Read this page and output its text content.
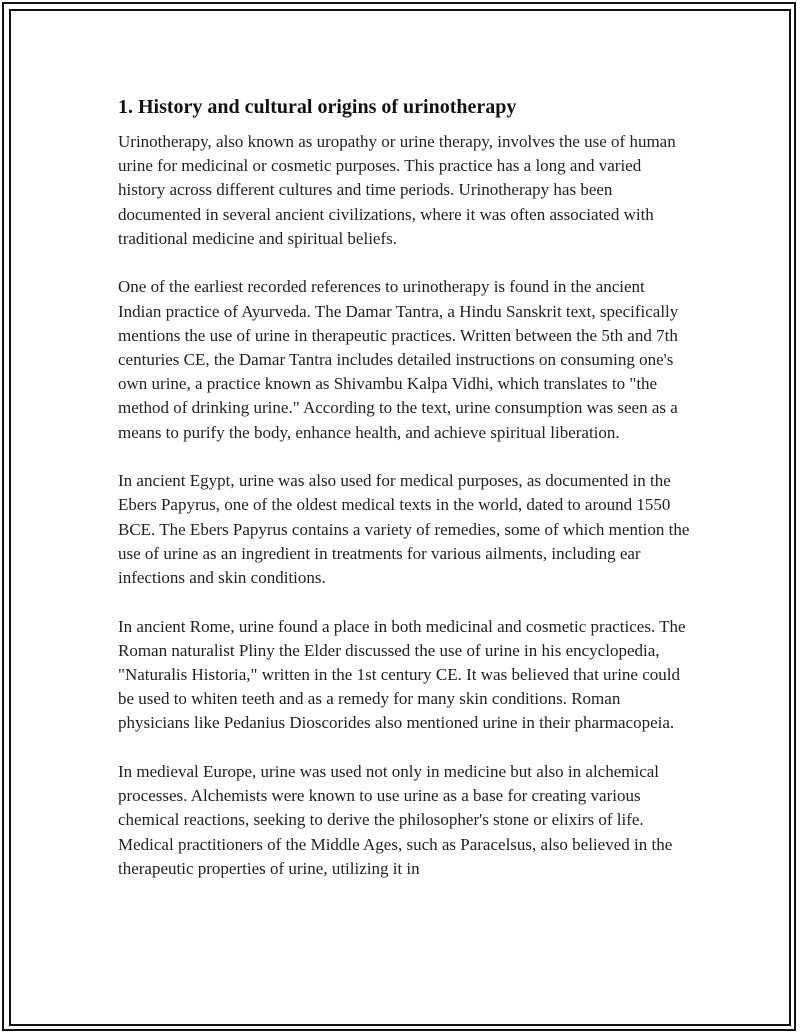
1. History and cultural origins of urinotherapy

Urinotherapy, also known as uropathy or urine therapy, involves the use of human urine for medicinal or cosmetic purposes. This practice has a long and varied history across different cultures and time periods. Urinotherapy has been documented in several ancient civilizations, where it was often associated with traditional medicine and spiritual beliefs.

One of the earliest recorded references to urinotherapy is found in the ancient Indian practice of Ayurveda. The Damar Tantra, a Hindu Sanskrit text, specifically mentions the use of urine in therapeutic practices. Written between the 5th and 7th centuries CE, the Damar Tantra includes detailed instructions on consuming one's own urine, a practice known as Shivambu Kalpa Vidhi, which translates to "the method of drinking urine." According to the text, urine consumption was seen as a means to purify the body, enhance health, and achieve spiritual liberation.

In ancient Egypt, urine was also used for medical purposes, as documented in the Ebers Papyrus, one of the oldest medical texts in the world, dated to around 1550 BCE. The Ebers Papyrus contains a variety of remedies, some of which mention the use of urine as an ingredient in treatments for various ailments, including ear infections and skin conditions.

In ancient Rome, urine found a place in both medicinal and cosmetic practices. The Roman naturalist Pliny the Elder discussed the use of urine in his encyclopedia, "Naturalis Historia," written in the 1st century CE. It was believed that urine could be used to whiten teeth and as a remedy for many skin conditions. Roman physicians like Pedanius Dioscorides also mentioned urine in their pharmacopeia.

In medieval Europe, urine was used not only in medicine but also in alchemical processes. Alchemists were known to use urine as a base for creating various chemical reactions, seeking to derive the philosopher's stone or elixirs of life. Medical practitioners of the Middle Ages, such as Paracelsus, also believed in the therapeutic properties of urine, utilizing it in
